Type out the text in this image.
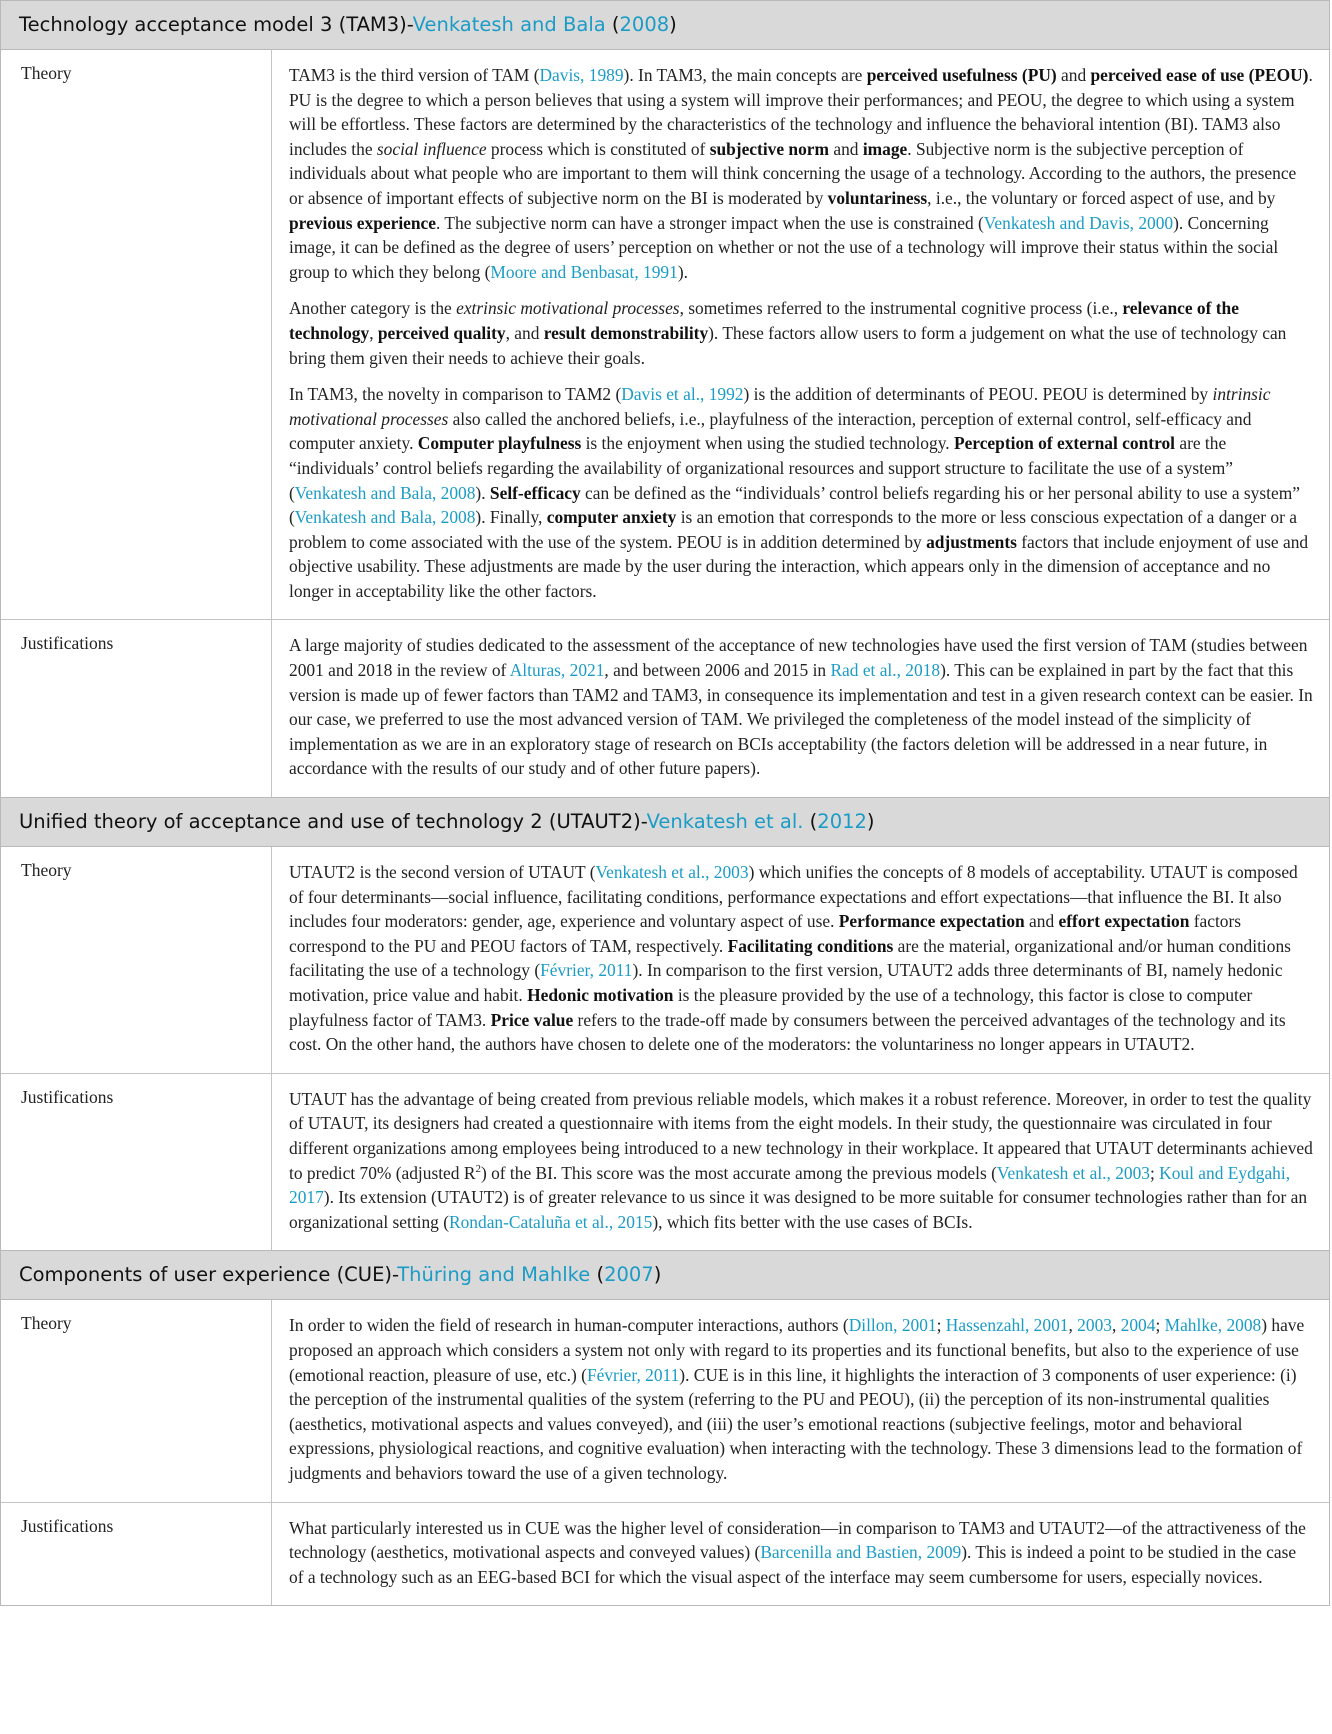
Technology acceptance model 3 (TAM3)-Venkatesh and Bala (2008)
Theory	TAM3 is the third version of TAM (Davis, 1989). In TAM3, the main concepts are perceived usefulness (PU) and perceived ease of use (PEOU). PU is the degree to which a person believes that using a system will improve their performances; and PEOU, the degree to which using a system will be effortless. These factors are determined by the characteristics of the technology and influence the behavioral intention (BI). TAM3 also includes the social influence process which is constituted of subjective norm and image. Subjective norm is the subjective perception of individuals about what people who are important to them will think concerning the usage of a technology. According to the authors, the presence or absence of important effects of subjective norm on the BI is moderated by voluntariness, i.e., the voluntary or forced aspect of use, and by previous experience. The subjective norm can have a stronger impact when the use is constrained (Venkatesh and Davis, 2000). Concerning image, it can be defined as the degree of users’ perception on whether or not the use of a technology will improve their status within the social group to which they belong (Moore and Benbasat, 1991).

Another category is the extrinsic motivational processes, sometimes referred to the instrumental cognitive process (i.e., relevance of the technology, perceived quality, and result demonstrability). These factors allow users to form a judgement on what the use of technology can bring them given their needs to achieve their goals.

In TAM3, the novelty in comparison to TAM2 (Davis et al., 1992) is the addition of determinants of PEOU. PEOU is determined by intrinsic motivational processes also called the anchored beliefs, i.e., playfulness of the interaction, perception of external control, self-efficacy and computer anxiety. Computer playfulness is the enjoyment when using the studied technology. Perception of external control are the “individuals’ control beliefs regarding the availability of organizational resources and support structure to facilitate the use of a system” (Venkatesh and Bala, 2008). Self-efficacy can be defined as the “individuals’ control beliefs regarding his or her personal ability to use a system” (Venkatesh and Bala, 2008). Finally, computer anxiety is an emotion that corresponds to the more or less conscious expectation of a danger or a problem to come associated with the use of the system. PEOU is in addition determined by adjustments factors that include enjoyment of use and objective usability. These adjustments are made by the user during the interaction, which appears only in the dimension of acceptance and no longer in acceptability like the other factors.

Justifications	A large majority of studies dedicated to the assessment of the acceptance of new technologies have used the first version of TAM (studies between 2001 and 2018 in the review of Alturas, 2021, and between 2006 and 2015 in Rad et al., 2018). This can be explained in part by the fact that this version is made up of fewer factors than TAM2 and TAM3, in consequence its implementation and test in a given research context can be easier. In our case, we preferred to use the most advanced version of TAM. We privileged the completeness of the model instead of the simplicity of implementation as we are in an exploratory stage of research on BCIs acceptability (the factors deletion will be addressed in a near future, in accordance with the results of our study and of other future papers).

Unified theory of acceptance and use of technology 2 (UTAUT2)-Venkatesh et al. (2012)
Theory	UTAUT2 is the second version of UTAUT (Venkatesh et al., 2003) which unifies the concepts of 8 models of acceptability. UTAUT is composed of four determinants—social influence, facilitating conditions, performance expectations and effort expectations—that influence the BI. It also includes four moderators: gender, age, experience and voluntary aspect of use. Performance expectation and effort expectation factors correspond to the PU and PEOU factors of TAM, respectively. Facilitating conditions are the material, organizational and/or human conditions facilitating the use of a technology (Février, 2011). In comparison to the first version, UTAUT2 adds three determinants of BI, namely hedonic motivation, price value and habit. Hedonic motivation is the pleasure provided by the use of a technology, this factor is close to computer playfulness factor of TAM3. Price value refers to the trade-off made by consumers between the perceived advantages of the technology and its cost. On the other hand, the authors have chosen to delete one of the moderators: the voluntariness no longer appears in UTAUT2.

Justifications	UTAUT has the advantage of being created from previous reliable models, which makes it a robust reference. Moreover, in order to test the quality of UTAUT, its designers had created a questionnaire with items from the eight models. In their study, the questionnaire was circulated in four different organizations among employees being introduced to a new technology in their workplace. It appeared that UTAUT determinants achieved to predict 70% (adjusted $R^2$) of the BI. This score was the most accurate among the previous models (Venkatesh et al., 2003; Koul and Eydgahi, 2017). Its extension (UTAUT2) is of greater relevance to us since it was designed to be more suitable for consumer technologies rather than for an organizational setting (Rondan-Cataluña et al., 2015), which fits better with the use cases of BCIs.

Components of user experience (CUE)-Thüring and Mahlke (2007)
Theory	In order to widen the field of research in human-computer interactions, authors (Dillon, 2001; Hassenzahl, 2001, 2003, 2004; Mahlke, 2008) have proposed an approach which considers a system not only with regard to its properties and its functional benefits, but also to the experience of use (emotional reaction, pleasure of use, etc.) (Février, 2011). CUE is in this line, it highlights the interaction of 3 components of user experience: (i) the perception of the instrumental qualities of the system (referring to the PU and PEOU), (ii) the perception of its non-instrumental qualities (aesthetics, motivational aspects and values conveyed), and (iii) the user’s emotional reactions (subjective feelings, motor and behavioral expressions, physiological reactions, and cognitive evaluation) when interacting with the technology. These 3 dimensions lead to the formation of judgments and behaviors toward the use of a given technology.

Justifications	What particularly interested us in CUE was the higher level of consideration—in comparison to TAM3 and UTAUT2—of the attractiveness of the technology (aesthetics, motivational aspects and conveyed values) (Barcenilla and Bastien, 2009). This is indeed a point to be studied in the case of a technology such as an EEG-based BCI for which the visual aspect of the interface may seem cumbersome for users, especially novices.
